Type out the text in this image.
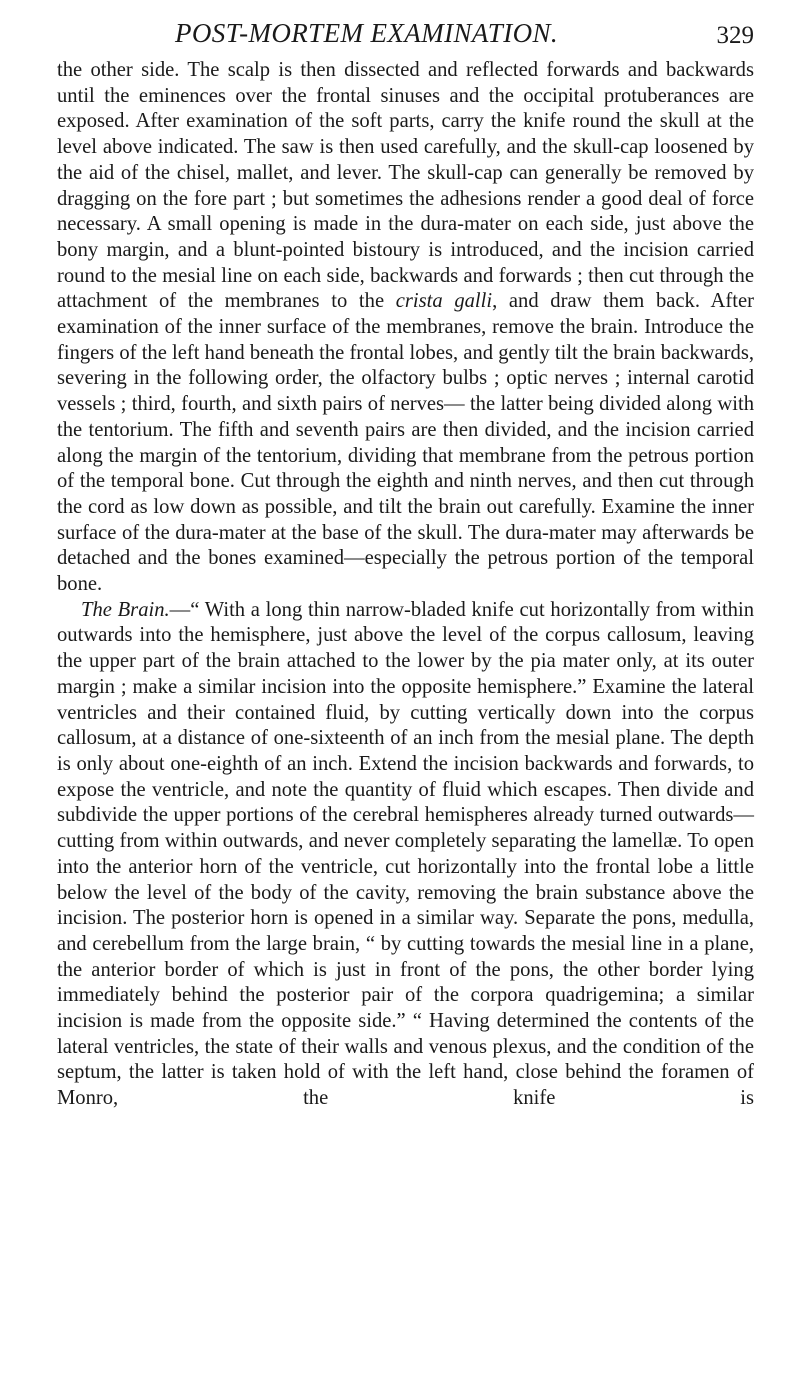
POST-MORTEM EXAMINATION.	329

the other side. The scalp is then dissected and reflected forwards and backwards until the eminences over the frontal sinuses and the occipital protuberances are exposed. After examination of the soft parts, carry the knife round the skull at the level above indicated. The saw is then used carefully, and the skull-cap loosened by the aid of the chisel, mallet, and lever. The skull-cap can generally be removed by dragging on the fore part ; but sometimes the adhesions render a good deal of force necessary. A small opening is made in the dura-mater on each side, just above the bony margin, and a blunt-pointed bistoury is introduced, and the incision carried round to the mesial line on each side, backwards and forwards ; then cut through the attachment of the membranes to the crista galli, and draw them back. After examination of the inner surface of the membranes, remove the brain. Introduce the fingers of the left hand beneath the frontal lobes, and gently tilt the brain backwards, severing in the following order, the olfactory bulbs ; optic nerves ; internal carotid vessels ; third, fourth, and sixth pairs of nerves— the latter being divided along with the tentorium. The fifth and seventh pairs are then divided, and the incision carried along the margin of the tentorium, dividing that membrane from the petrous portion of the temporal bone. Cut through the eighth and ninth nerves, and then cut through the cord as low down as possible, and tilt the brain out carefully. Examine the inner surface of the dura-mater at the base of the skull. The dura-mater may afterwards be detached and the bones examined—especially the petrous portion of the temporal bone.

The Brain.—“ With a long thin narrow-bladed knife cut horizontally from within outwards into the hemisphere, just above the level of the corpus callosum, leaving the upper part of the brain attached to the lower by the pia mater only, at its outer margin ; make a similar incision into the opposite hemisphere.” Examine the lateral ventricles and their contained fluid, by cutting vertically down into the corpus callosum, at a distance of one-sixteenth of an inch from the mesial plane. The depth is only about one-eighth of an inch. Extend the incision backwards and forwards, to expose the ventricle, and note the quantity of fluid which escapes. Then divide and subdivide the upper portions of the cerebral hemispheres already turned outwards—cutting from within outwards, and never completely separating the lamellæ. To open into the anterior horn of the ventricle, cut horizontally into the frontal lobe a little below the level of the body of the cavity, removing the brain substance above the incision. The posterior horn is opened in a similar way. Separate the pons, medulla, and cerebellum from the large brain, “ by cutting towards the mesial line in a plane, the anterior border of which is just in front of the pons, the other border lying immediately behind the posterior pair of the corpora quadrigemina; a similar incision is made from the opposite side.” “ Having determined the contents of the lateral ventricles, the state of their walls and venous plexus, and the condition of the septum, the latter is taken hold of with the left hand, close behind the foramen of Monro, the knife is
